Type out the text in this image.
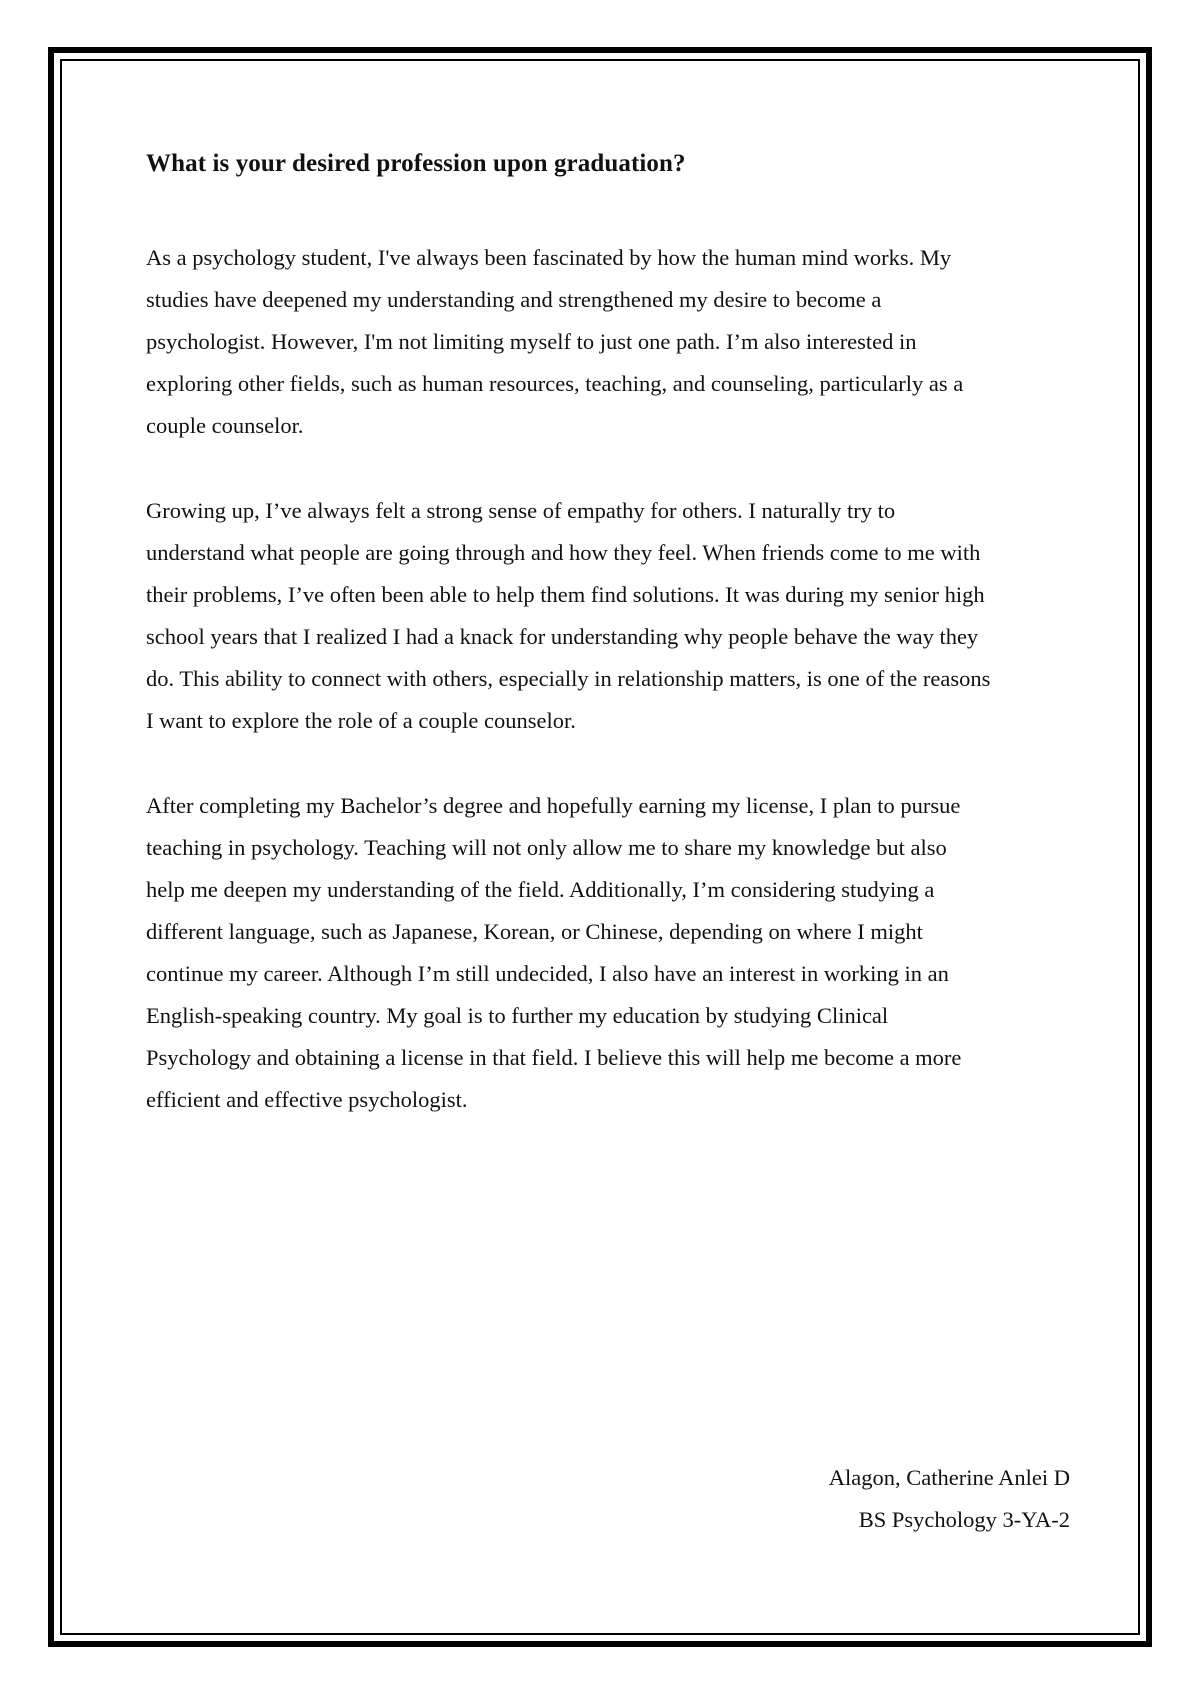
What is your desired profession upon graduation?

As a psychology student, I've always been fascinated by how the human mind works. My
studies have deepened my understanding and strengthened my desire to become a
psychologist. However, I'm not limiting myself to just one path. I’m also interested in
exploring other fields, such as human resources, teaching, and counseling, particularly as a
couple counselor.

Growing up, I’ve always felt a strong sense of empathy for others. I naturally try to
understand what people are going through and how they feel. When friends come to me with
their problems, I’ve often been able to help them find solutions. It was during my senior high
school years that I realized I had a knack for understanding why people behave the way they
do. This ability to connect with others, especially in relationship matters, is one of the reasons
I want to explore the role of a couple counselor.

After completing my Bachelor’s degree and hopefully earning my license, I plan to pursue
teaching in psychology. Teaching will not only allow me to share my knowledge but also
help me deepen my understanding of the field. Additionally, I’m considering studying a
different language, such as Japanese, Korean, or Chinese, depending on where I might
continue my career. Although I’m still undecided, I also have an interest in working in an
English-speaking country. My goal is to further my education by studying Clinical
Psychology and obtaining a license in that field. I believe this will help me become a more
efficient and effective psychologist.

Alagon, Catherine Anlei D
BS Psychology 3-YA-2
